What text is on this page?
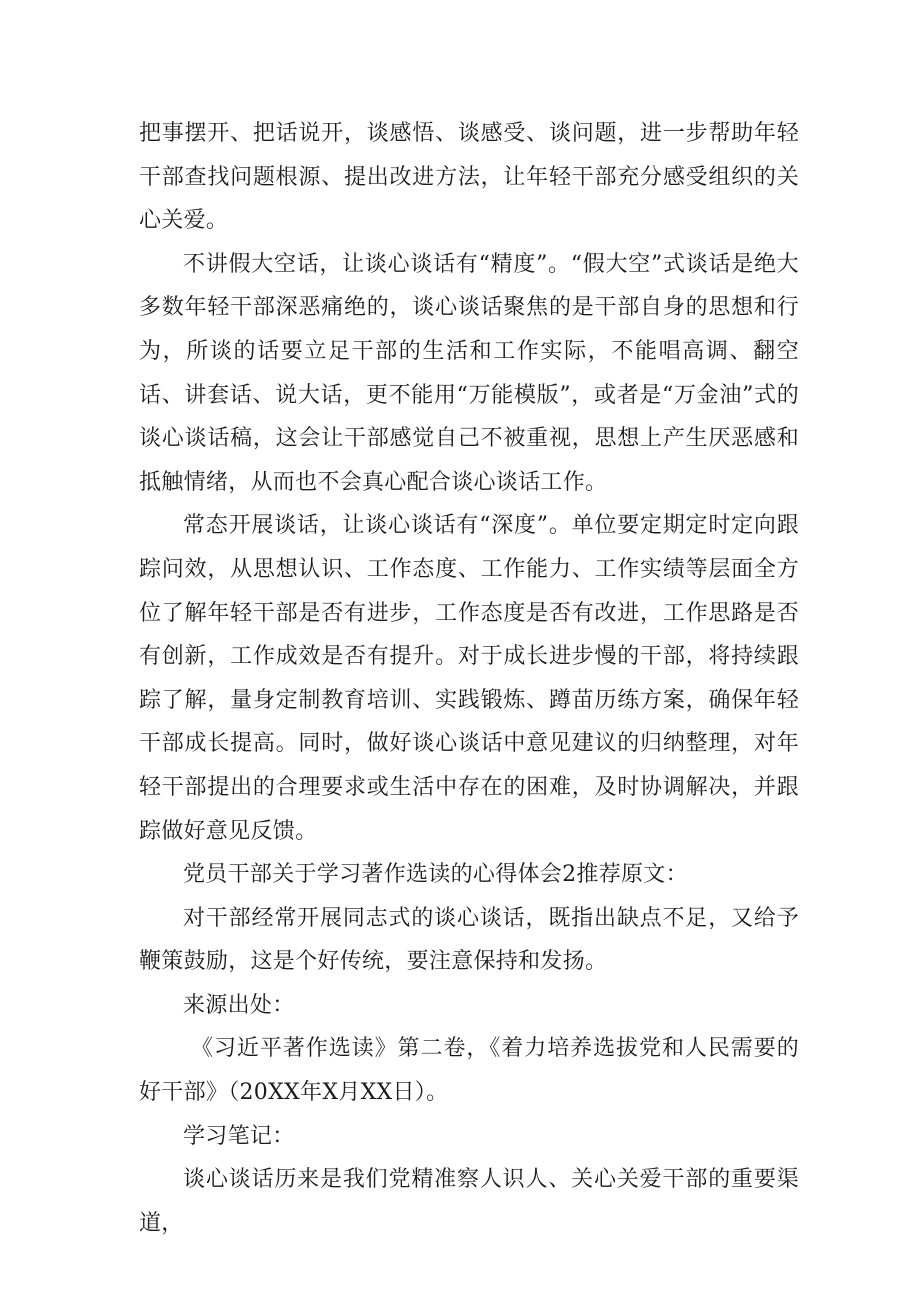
把事摆开、把话说开，谈感悟、谈感受、谈问题，进一步帮助年轻干部查找问题根源、提出改进方法，让年轻干部充分感受组织的关心关爱。

不讲假大空话，让谈心谈话有“精度”。“假大空”式谈话是绝大多数年轻干部深恶痛绝的，谈心谈话聚焦的是干部自身的思想和行为，所谈的话要立足干部的生活和工作实际，不能唱高调、翻空话、讲套话、说大话，更不能用“万能模版”，或者是“万金油”式的谈心谈话稿，这会让干部感觉自己不被重视，思想上产生厌恶感和抵触情绪，从而也不会真心配合谈心谈话工作。

常态开展谈话，让谈心谈话有“深度”。单位要定期定时定向跟踪问效，从思想认识、工作态度、工作能力、工作实绩等层面全方位了解年轻干部是否有进步，工作态度是否有改进，工作思路是否有创新，工作成效是否有提升。对于成长进步慢的干部，将持续跟踪了解，量身定制教育培训、实践锻炼、蹲苗历练方案，确保年轻干部成长提高。同时，做好谈心谈话中意见建议的归纳整理，对年轻干部提出的合理要求或生活中存在的困难，及时协调解决，并跟踪做好意见反馈。

党员干部关于学习著作选读的心得体会2推荐原文：

对干部经常开展同志式的谈心谈话，既指出缺点不足，又给予鞭策鼓励，这是个好传统，要注意保持和发扬。

来源出处：

《习近平著作选读》第二卷，《着力培养选拔党和人民需要的好干部》（20XX年X月XX日）。

学习笔记：

谈心谈话历来是我们党精准察人识人、关心关爱干部的重要渠道，
